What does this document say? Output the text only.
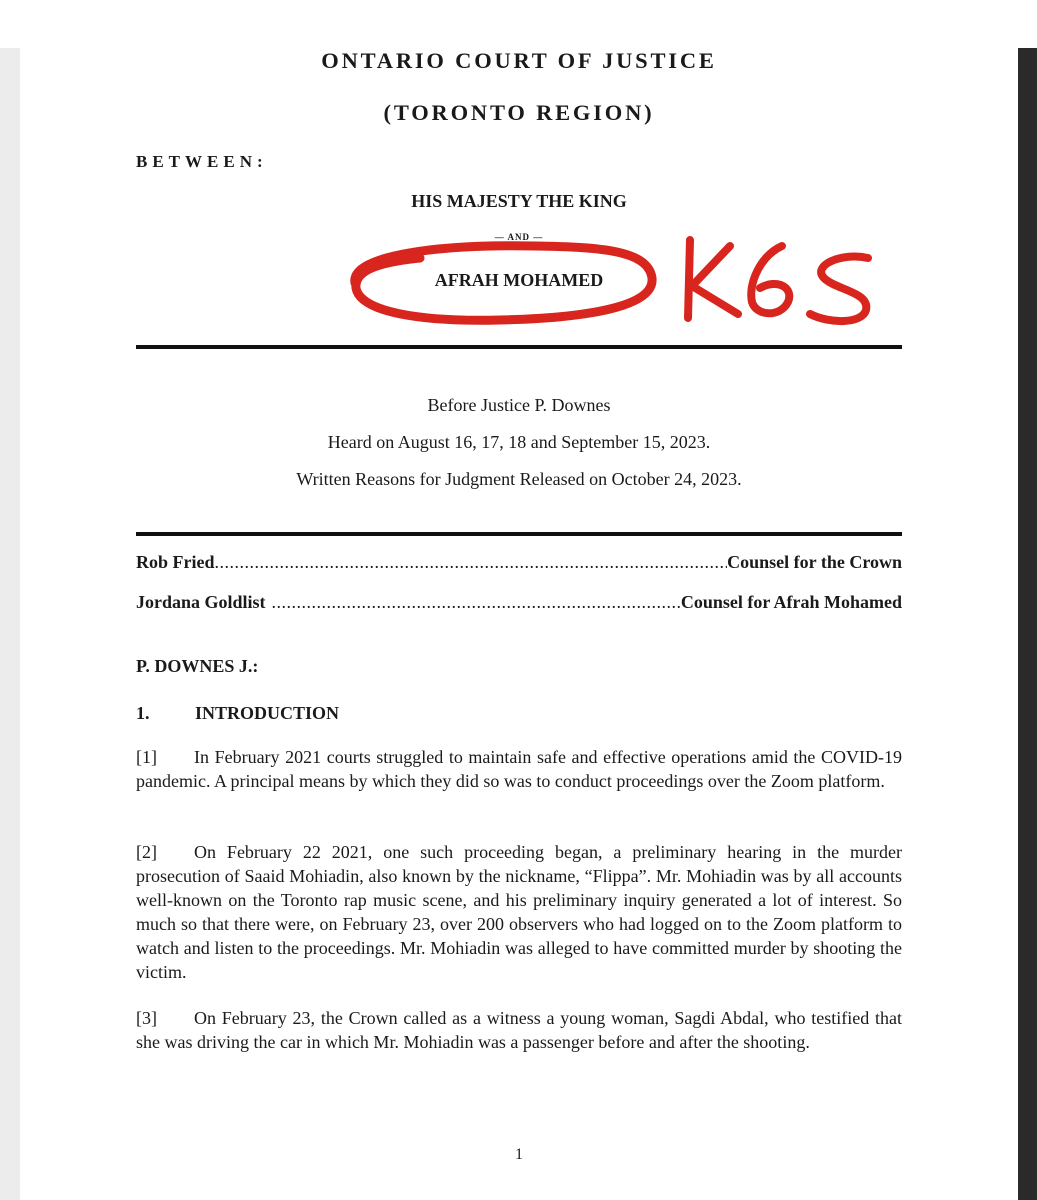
ONTARIO COURT OF JUSTICE
(TORONTO REGION)
BETWEEN:
HIS MAJESTY THE KING
— AND —
AFRAH MOHAMED
Before Justice P. Downes
Heard on August 16, 17, 18 and September 15, 2023.
Written Reasons for Judgment Released on October 24, 2023.
Rob Fried .....	Counsel for the Crown
Jordana Goldlist .....	Counsel for Afrah Mohamed
P. DOWNES J.:
1.	INTRODUCTION

[1] In February 2021 courts struggled to maintain safe and effective operations amid the COVID-19 pandemic. A principal means by which they did so was to conduct proceedings over the Zoom platform.

[2] On February 22 2021, one such proceeding began, a preliminary hearing in the murder prosecution of Saaid Mohiadin, also known by the nickname, “Flippa”. Mr. Mohiadin was by all accounts well-known on the Toronto rap music scene, and his preliminary inquiry generated a lot of interest. So much so that there were, on February 23, over 200 observers who had logged on to the Zoom platform to watch and listen to the proceedings. Mr. Mohiadin was alleged to have committed murder by shooting the victim.

[3] On February 23, the Crown called as a witness a young woman, Sagdi Abdal, who testified that she was driving the car in which Mr. Mohiadin was a passenger before and after the shooting.

1
